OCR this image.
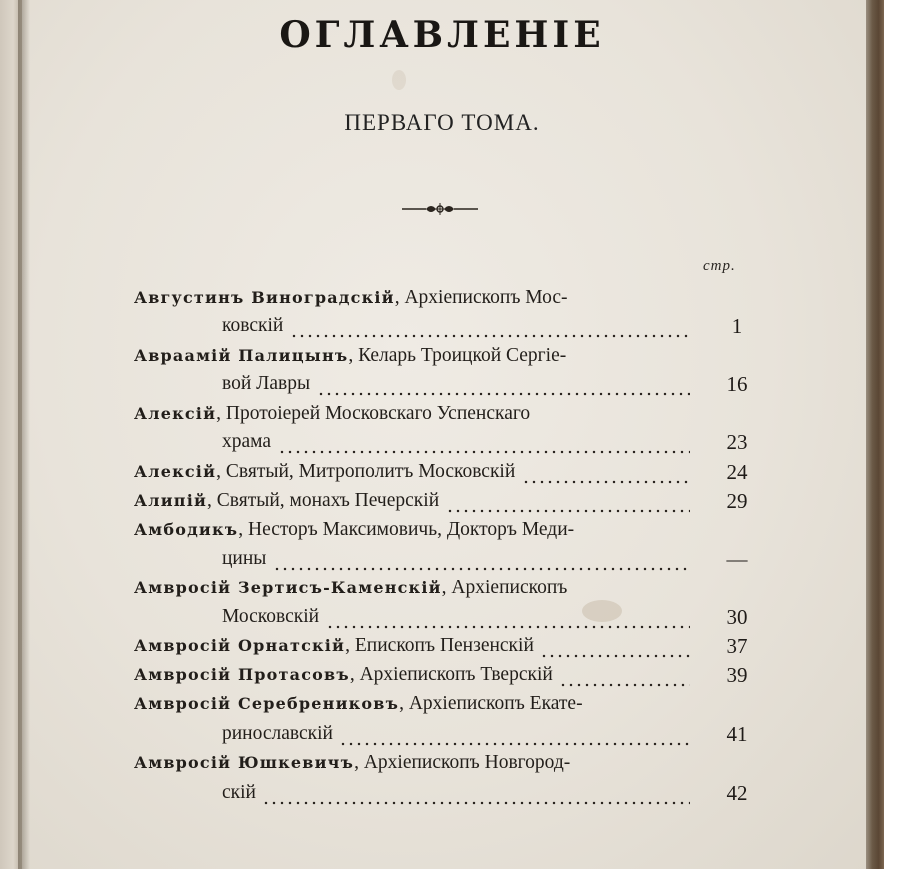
ОГЛАВЛЕНІЕ
ПЕРВАГО ТОМА.
стр.
Августинъ Виноградскій, Архіепископъ Мос-
ковскій	1
Авраамій Палицынъ, Келарь Троицкой Сергіе-
вой Лавры	16
Алексій, Протоіерей Московскаго Успенскаго
храма	23
Алексій, Святый, Митрополитъ Московскій	24
Алипій, Святый, монахъ Печерскій	29
Амбодикъ, Несторъ Максимовичь, Докторъ Меди-
цины	—
Амвросій Зертисъ-Каменскій, Архіепископъ
Московскій	30
Амвросій Орнатскій, Епископъ Пензенскій	37
Амвросій Протасовъ, Архіепископъ Тверскій	39
Амвросій Серебрениковъ, Архіепископъ Екате-
ринославскій	41
Амвросій Юшкевичъ, Архіепископъ Новгород-
скій	42
